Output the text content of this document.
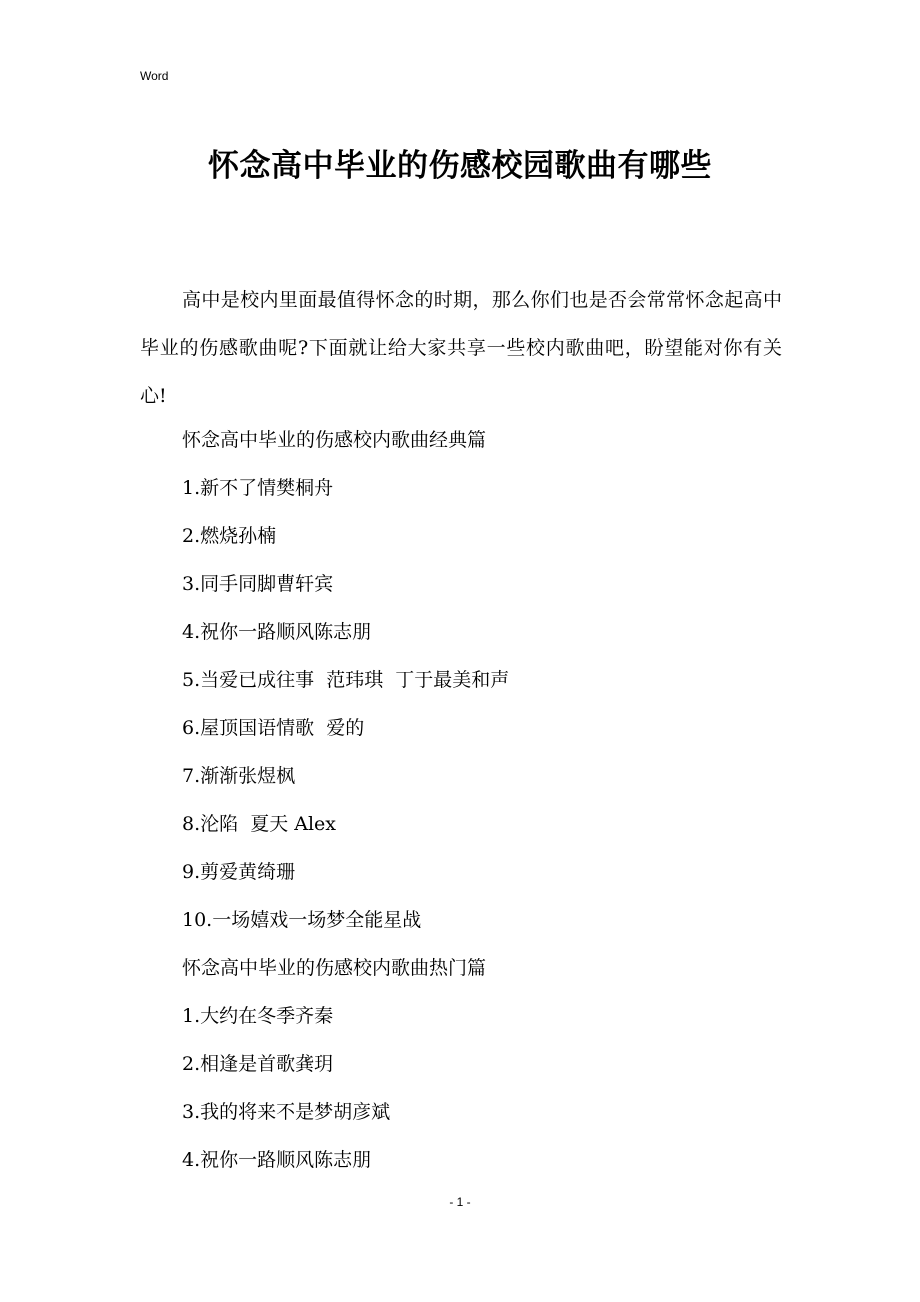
Word
怀念高中毕业的伤感校园歌曲有哪些

高中是校内里面最值得怀念的时期，那么你们也是否会常常怀念起高中毕业的伤感歌曲呢?下面就让给大家共享一些校内歌曲吧，盼望能对你有关心!

怀念高中毕业的伤感校内歌曲经典篇
1.新不了情樊桐舟
2.燃烧孙楠
3.同手同脚曹轩宾
4.祝你一路顺风陈志朋
5.当爱已成往事  范玮琪  丁于最美和声
6.屋顶国语情歌  爱的
7.渐渐张煜枫
8.沦陷  夏天 Alex
9.剪爱黄绮珊
10.一场嬉戏一场梦全能星战
怀念高中毕业的伤感校内歌曲热门篇
1.大约在冬季齐秦
2.相逢是首歌龚玥
3.我的将来不是梦胡彦斌
4.祝你一路顺风陈志朋
- 1 -
